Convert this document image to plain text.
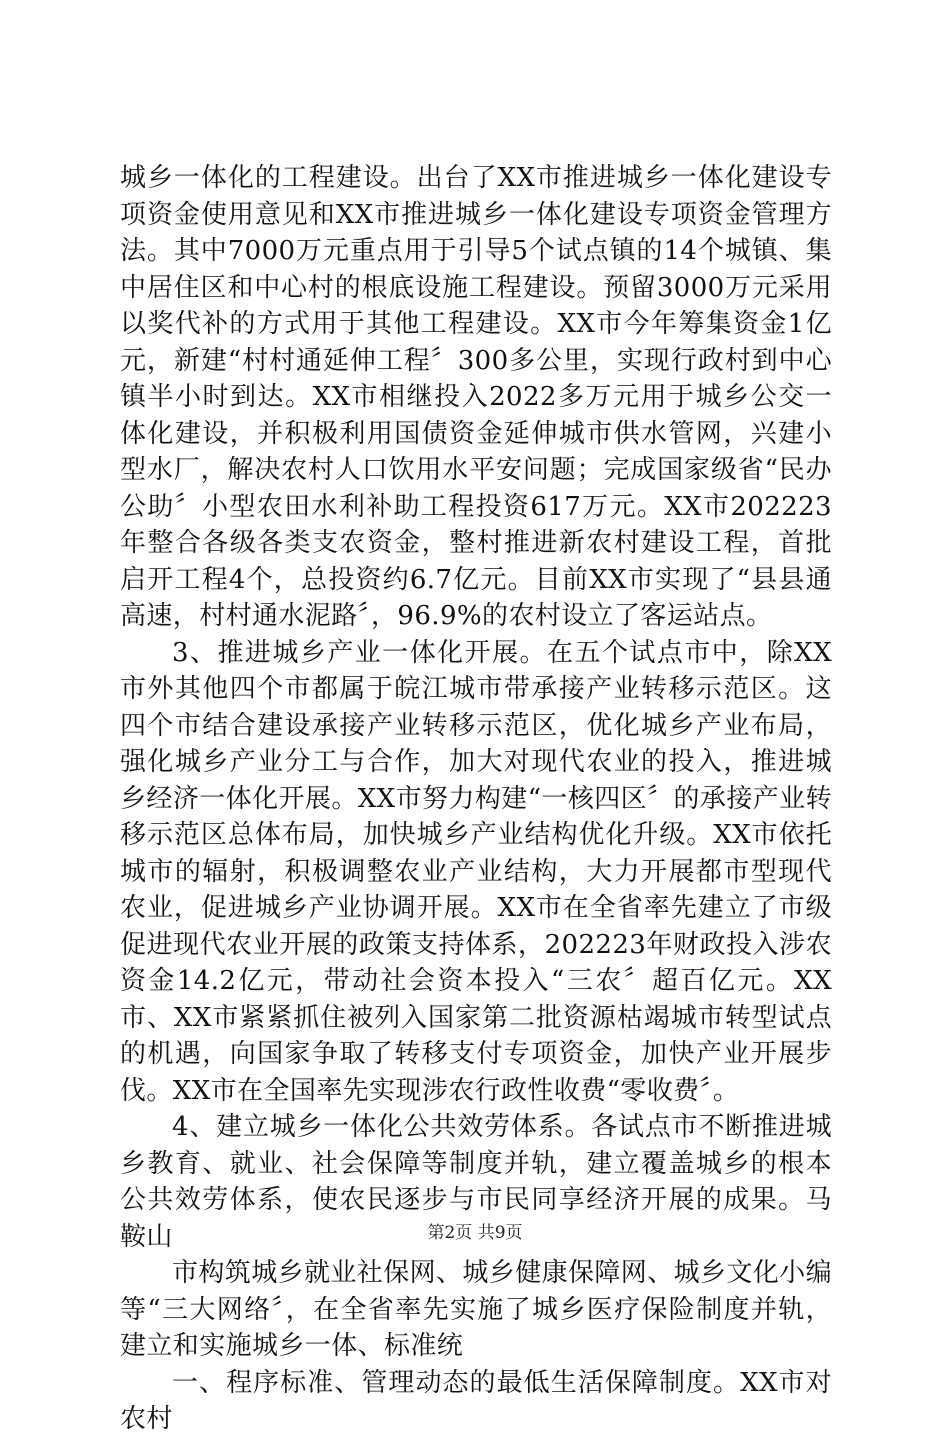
城乡一体化的工程建设。出台了XX市推进城乡一体化建设专项资金使用意见和XX市推进城乡一体化建设专项资金管理方法。其中7000万元重点用于引导5个试点镇的14个城镇、集中居住区和中心村的根底设施工程建设。预留3000万元采用以奖代补的方式用于其他工程建设。XX市今年筹集资金1亿元，新建“村村通延伸工程〞300多公里，实现行政村到中心镇半小时到达。XX市相继投入2022多万元用于城乡公交一体化建设，并积极利用国债资金延伸城市供水管网，兴建小型水厂，解决农村人口饮用水平安问题；完成国家级省“民办公助〞小型农田水利补助工程投资617万元。XX市202223年整合各级各类支农资金，整村推进新农村建设工程，首批启开工程4个，总投资约6.7亿元。目前XX市实现了“县县通高速，村村通水泥路〞，96.9%的农村设立了客运站点。

3、推进城乡产业一体化开展。在五个试点市中，除XX市外其他四个市都属于皖江城市带承接产业转移示范区。这四个市结合建设承接产业转移示范区，优化城乡产业布局，强化城乡产业分工与合作，加大对现代农业的投入，推进城乡经济一体化开展。XX市努力构建“一核四区〞的承接产业转移示范区总体布局，加快城乡产业结构优化升级。XX市依托城市的辐射，积极调整农业产业结构，大力开展都市型现代农业，促进城乡产业协调开展。XX市在全省率先建立了市级促进现代农业开展的政策支持体系，202223年财政投入涉农资金14.2亿元，带动社会资本投入“三农〞超百亿元。XX市、XX市紧紧抓住被列入国家第二批资源枯竭城市转型试点的机遇，向国家争取了转移支付专项资金，加快产业开展步伐。XX市在全国率先实现涉农行政性收费“零收费〞。

4、建立城乡一体化公共效劳体系。各试点市不断推进城乡教育、就业、社会保障等制度并轨，建立覆盖城乡的根本公共效劳体系，使农民逐步与市民同享经济开展的成果。马鞍山

市构筑城乡就业社保网、城乡健康保障网、城乡文化小编等“三大网络〞，在全省率先实施了城乡医疗保险制度并轨，建立和实施城乡一体、标准统

一、程序标准、管理动态的最低生活保障制度。XX市对农村

第2页 共9页
